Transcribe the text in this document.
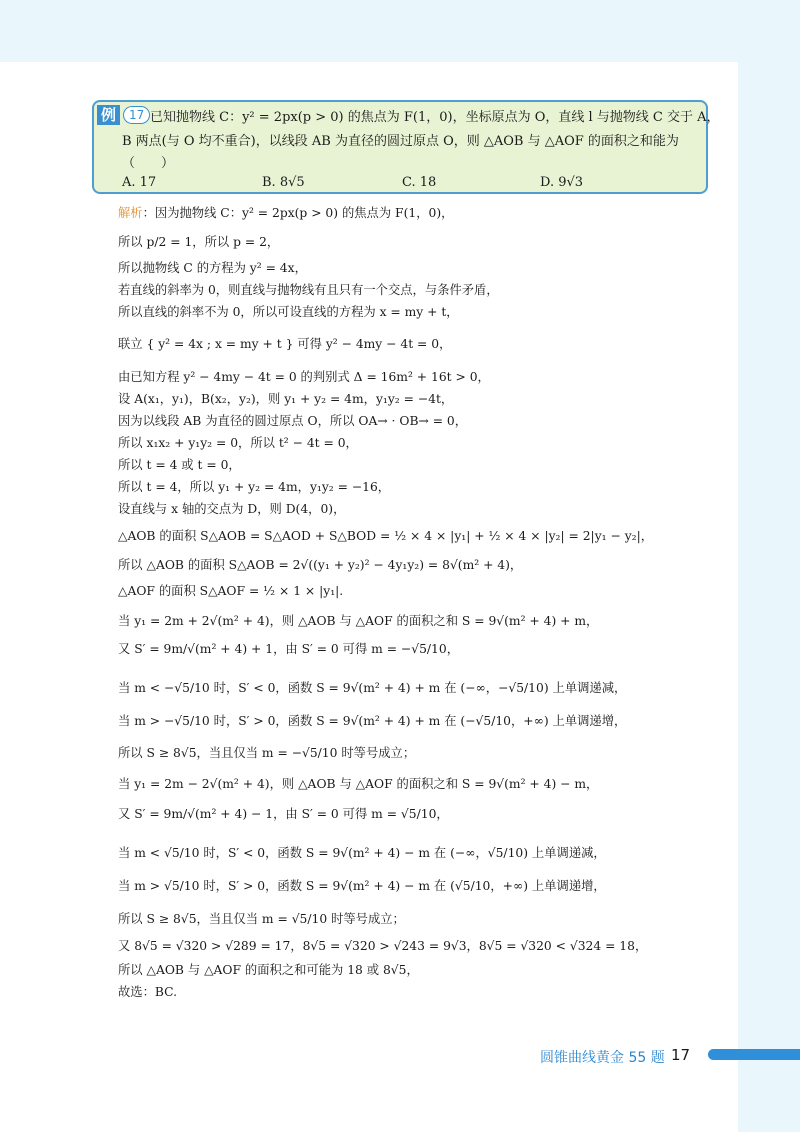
例	17 已知抛物线 C：y² = 2px(p > 0) 的焦点为 F(1，0)，坐标原点为 O，直线 l 与抛物线 C 交于 A，
B 两点(与 O 均不重合)，以线段 AB 为直径的圆过原点 O，则 △AOB 与 △AOF 的面积之和能为
（　　）
A. 17	B. 8√5	C. 18	D. 9√3
解析：因为抛物线 C：y² = 2px(p > 0) 的焦点为 F(1，0)，
所以 p/2 = 1，所以 p = 2，
所以抛物线 C 的方程为 y² = 4x，
若直线的斜率为 0，则直线与抛物线有且只有一个交点，与条件矛盾，
所以直线的斜率不为 0，所以可设直线的方程为 x = my + t，
联立 { y² = 4x ; x = my + t } 可得 y² − 4my − 4t = 0，
由已知方程 y² − 4my − 4t = 0 的判别式 Δ = 16m² + 16t > 0，
设 A(x₁，y₁)，B(x₂，y₂)，则 y₁ + y₂ = 4m，y₁y₂ = −4t，
因为以线段 AB 为直径的圆过原点 O，所以 OA→ · OB→ = 0，
所以 x₁x₂ + y₁y₂ = 0，所以 t² − 4t = 0，
所以 t = 4 或 t = 0，
所以 t = 4，所以 y₁ + y₂ = 4m，y₁y₂ = −16，
设直线与 x 轴的交点为 D，则 D(4，0)，
△AOB 的面积 S△AOB = S△AOD + S△BOD = ½ × 4 × |y₁| + ½ × 4 × |y₂| = 2|y₁ − y₂|，
所以 △AOB 的面积 S△AOB = 2√((y₁ + y₂)² − 4y₁y₂) = 8√(m² + 4)，
△AOF 的面积 S△AOF = ½ × 1 × |y₁|.
当 y₁ = 2m + 2√(m² + 4)，则 △AOB 与 △AOF 的面积之和 S = 9√(m² + 4) + m，
又 S′ = 9m/√(m² + 4) + 1，由 S′ = 0 可得 m = −√5/10，
当 m < −√5/10 时，S′ < 0，函数 S = 9√(m² + 4) + m 在 (−∞，−√5/10) 上单调递减，
当 m > −√5/10 时，S′ > 0，函数 S = 9√(m² + 4) + m 在 (−√5/10，+∞) 上单调递增，
所以 S ≥ 8√5，当且仅当 m = −√5/10 时等号成立；
当 y₁ = 2m − 2√(m² + 4)，则 △AOB 与 △AOF 的面积之和 S = 9√(m² + 4) − m，
又 S′ = 9m/√(m² + 4) − 1，由 S′ = 0 可得 m = √5/10，
当 m < √5/10 时，S′ < 0，函数 S = 9√(m² + 4) − m 在 (−∞，√5/10) 上单调递减，
当 m > √5/10 时，S′ > 0，函数 S = 9√(m² + 4) − m 在 (√5/10，+∞) 上单调递增，
所以 S ≥ 8√5，当且仅当 m = √5/10 时等号成立；
又 8√5 = √320 > √289 = 17，8√5 = √320 > √243 = 9√3，8√5 = √320 < √324 = 18，
所以 △AOB 与 △AOF 的面积之和可能为 18 或 8√5，
故选：BC.
圆锥曲线黄金 55 题 17
